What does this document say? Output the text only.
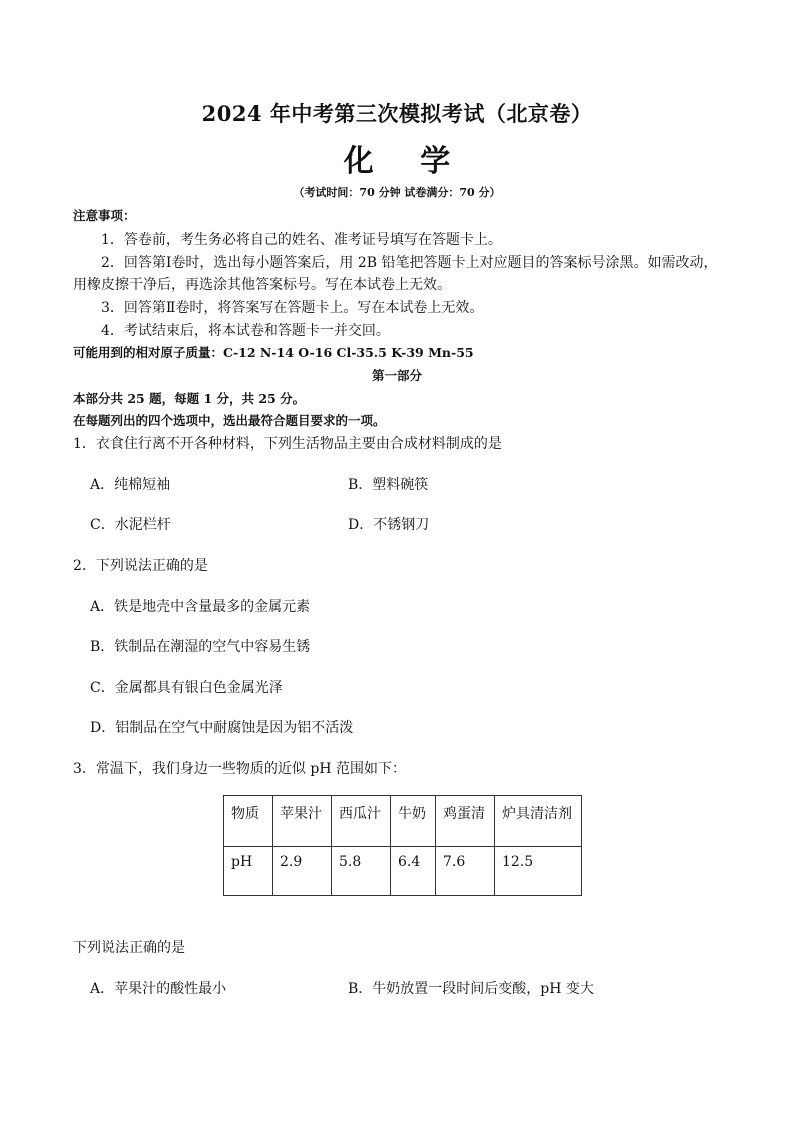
2024 年中考第三次模拟考试（北京卷）
化 学
（考试时间：70 分钟 试卷满分：70 分）
注意事项：
1．答卷前，考生务必将自己的姓名、准考证号填写在答题卡上。
2．回答第Ⅰ卷时，选出每小题答案后，用 2B 铅笔把答题卡上对应题目的答案标号涂黑。如需改动，
用橡皮擦干净后，再选涂其他答案标号。写在本试卷上无效。
3．回答第Ⅱ卷时，将答案写在答题卡上。写在本试卷上无效。
4．考试结束后，将本试卷和答题卡一并交回。
可能用到的相对原子质量：C-12 N-14 O-16 Cl-35.5 K-39 Mn-55
第一部分
本部分共 25 题，每题 1 分，共 25 分。
在每题列出的四个选项中，选出最符合题目要求的一项。
1．衣食住行离不开各种材料，下列生活物品主要由合成材料制成的是
A．纯棉短袖	B．塑料碗筷
C．水泥栏杆	D．不锈钢刀
2．下列说法正确的是
A．铁是地壳中含量最多的金属元素
B．铁制品在潮湿的空气中容易生锈
C．金属都具有银白色金属光泽
D．铝制品在空气中耐腐蚀是因为铝不活泼
3．常温下，我们身边一些物质的近似 pH 范围如下：
物质	苹果汁	西瓜汁	牛奶	鸡蛋清	炉具清洁剂
pH	2.9	5.8	6.4	7.6	12.5
下列说法正确的是
A．苹果汁的酸性最小	B．牛奶放置一段时间后变酸，pH 变大
